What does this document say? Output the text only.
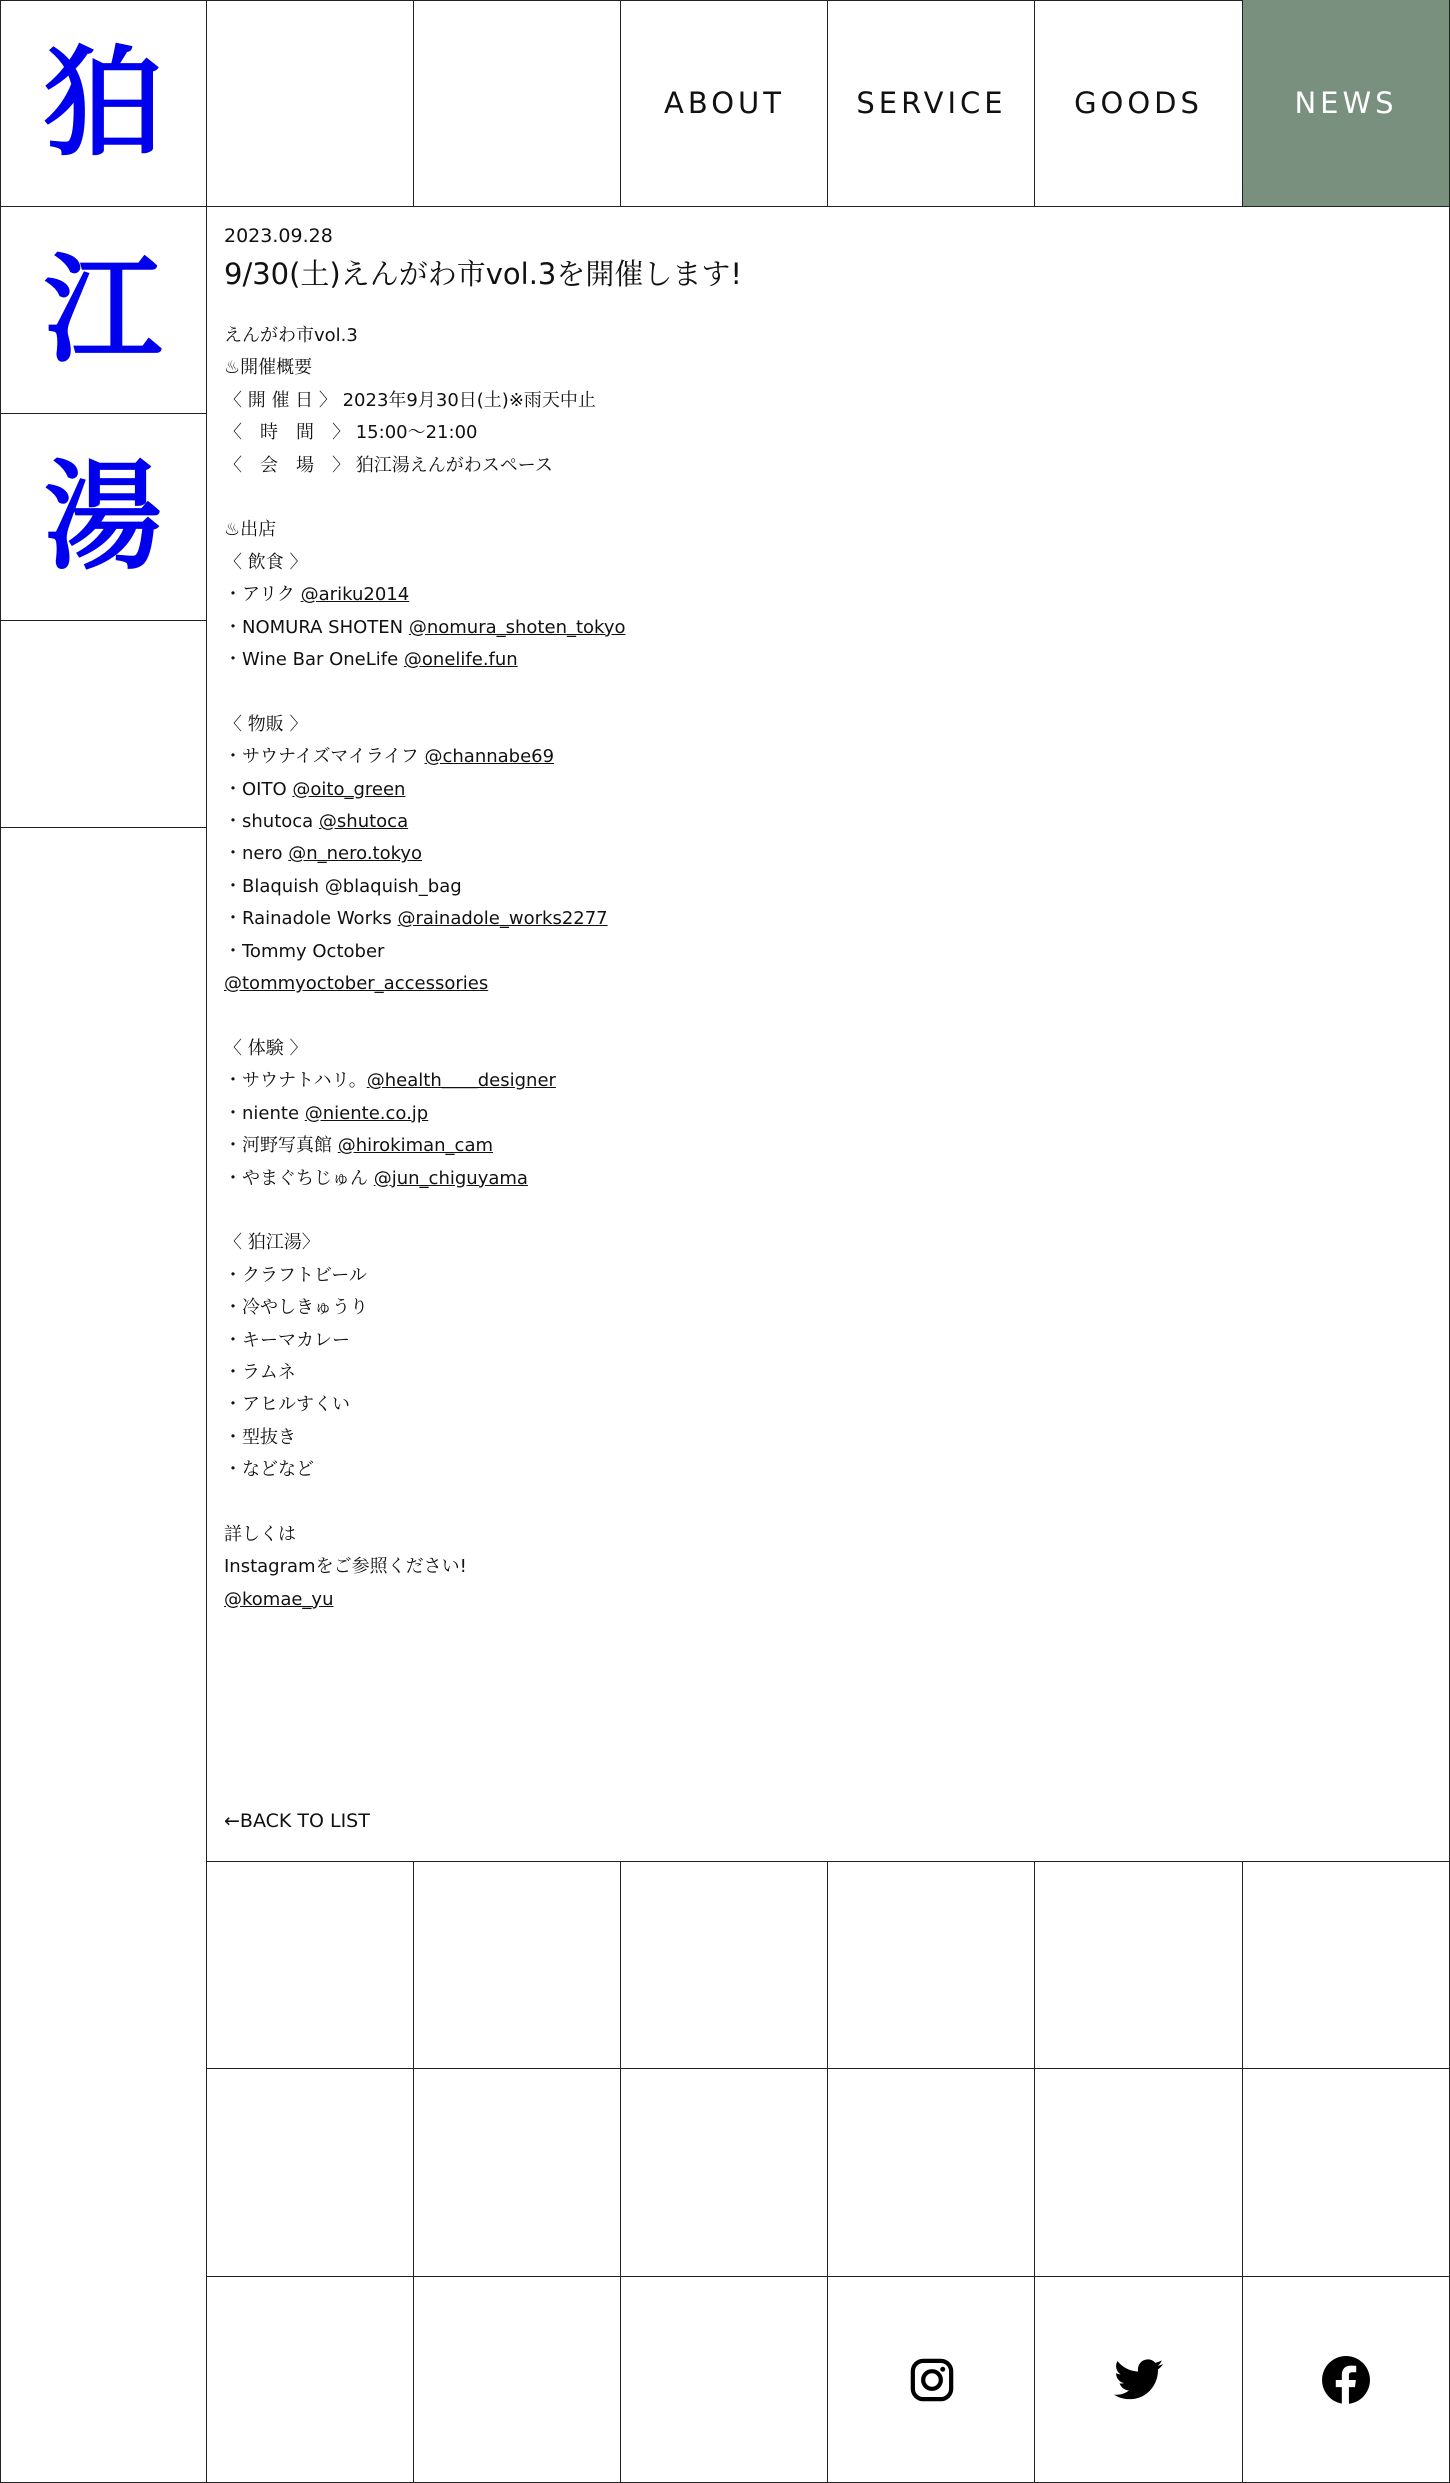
狛
江
湯
ABOUT	SERVICE	GOODS	NEWS
2023.09.28
9/30(土)えんがわ市vol.3を開催します!
えんがわ市vol.3
♨開催概要
〈 開 催 日 〉 2023年9月30日(土)※雨天中止
〈　時　間　〉 15:00〜21:00
〈　会　場　〉 狛江湯えんがわスペース
♨出店
〈 飲食 〉
・アリク @ariku2014
・NOMURA SHOTEN @nomura_shoten_tokyo
・Wine Bar OneLife @onelife.fun
〈 物販 〉
・サウナイズマイライフ @channabe69
・OITO @oito_green
・shutoca @shutoca
・nero @n_nero.tokyo
・Blaquish @blaquish_bag
・Rainadole Works @rainadole_works2277
・Tommy October
@tommyoctober_accessories
〈 体験 〉
・サウナトハリ。@health＿＿designer
・niente @niente.co.jp
・河野写真館 @hirokiman_cam
・やまぐちじゅん @jun_chiguyama
〈 狛江湯〉
・クラフトビール
・冷やしきゅうり
・キーマカレー
・ラムネ
・アヒルすくい
・型抜き
・などなど
詳しくは
Instagramをご参照ください!
@komae_yu
←BACK TO LIST
